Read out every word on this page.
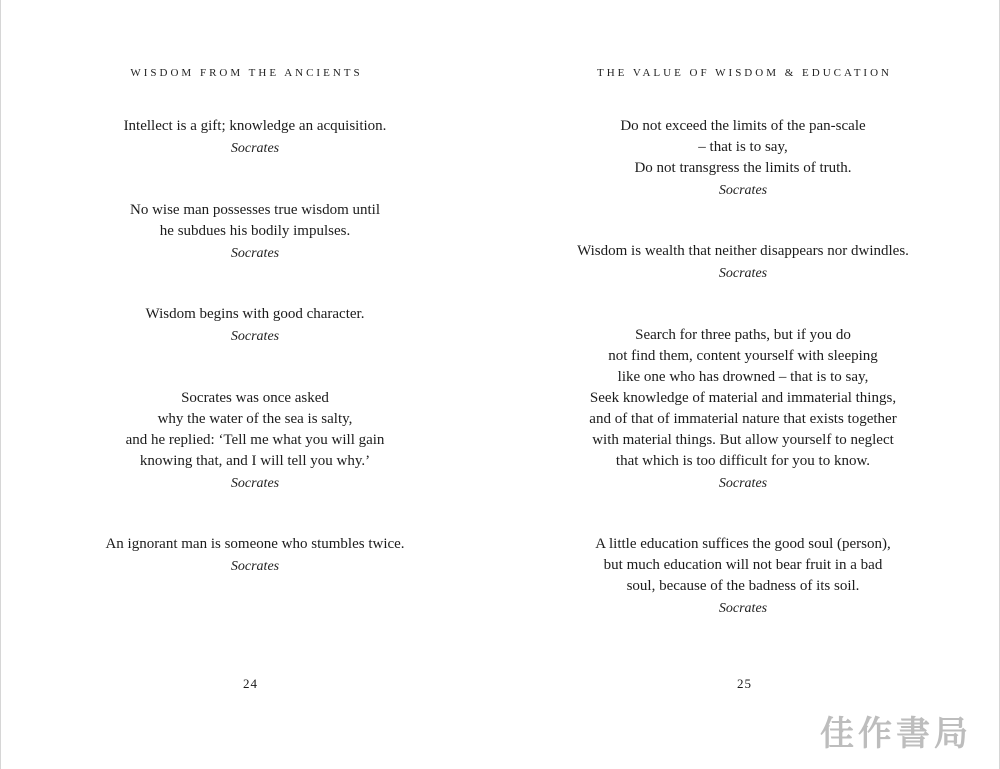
WISDOM FROM THE ANCIENTS
Intellect is a gift; knowledge an acquisition.
Socrates
No wise man possesses true wisdom until
he subdues his bodily impulses.
Socrates
Wisdom begins with good character.
Socrates
Socrates was once asked
why the water of the sea is salty,
and he replied: ‘Tell me what you will gain
knowing that, and I will tell you why.’
Socrates
An ignorant man is someone who stumbles twice.
Socrates
24
THE VALUE OF WISDOM & EDUCATION
Do not exceed the limits of the pan-scale
– that is to say,
Do not transgress the limits of truth.
Socrates
Wisdom is wealth that neither disappears nor dwindles.
Socrates
Search for three paths, but if you do
not find them, content yourself with sleeping
like one who has drowned – that is to say,
Seek knowledge of material and immaterial things,
and of that of immaterial nature that exists together
with material things. But allow yourself to neglect
that which is too difficult for you to know.
Socrates
A little education suffices the good soul (person),
but much education will not bear fruit in a bad
soul, because of the badness of its soil.
Socrates
25
佳作書局
